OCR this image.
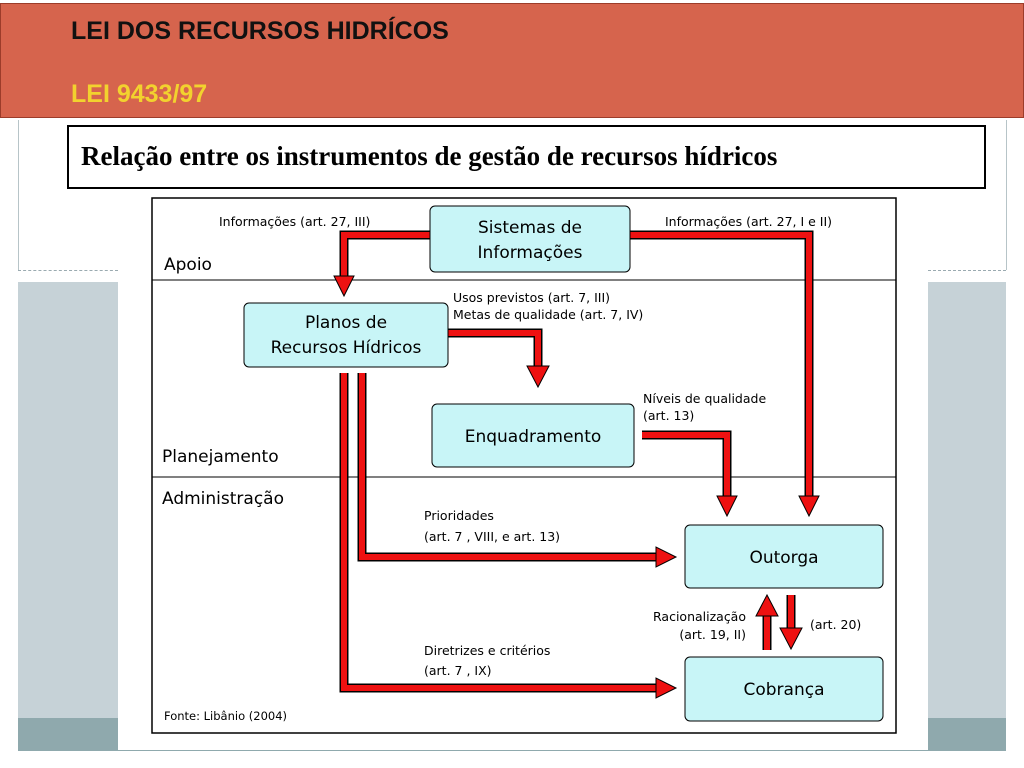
LEI DOS RECURSOS HIDRÍCOS
LEI 9433/97
Relação entre os instrumentos de gestão de recursos hídricos
Sistemas de
Informações
Planos de
Recursos Hídricos
Enquadramento
Outorga
Cobrança
Apoio
Planejamento
Administração
Informações (art. 27, III)	Informações (art. 27, I e II)
Usos previstos (art. 7, III)
Metas de qualidade (art. 7, IV)
Níveis de qualidade
(art. 13)
Prioridades
(art. 7 , VIII, e art. 13)
Racionalização
(art. 19, II)
(art. 20)
Diretrizes e critérios
(art. 7 , IX)
Fonte: Libânio (2004)
